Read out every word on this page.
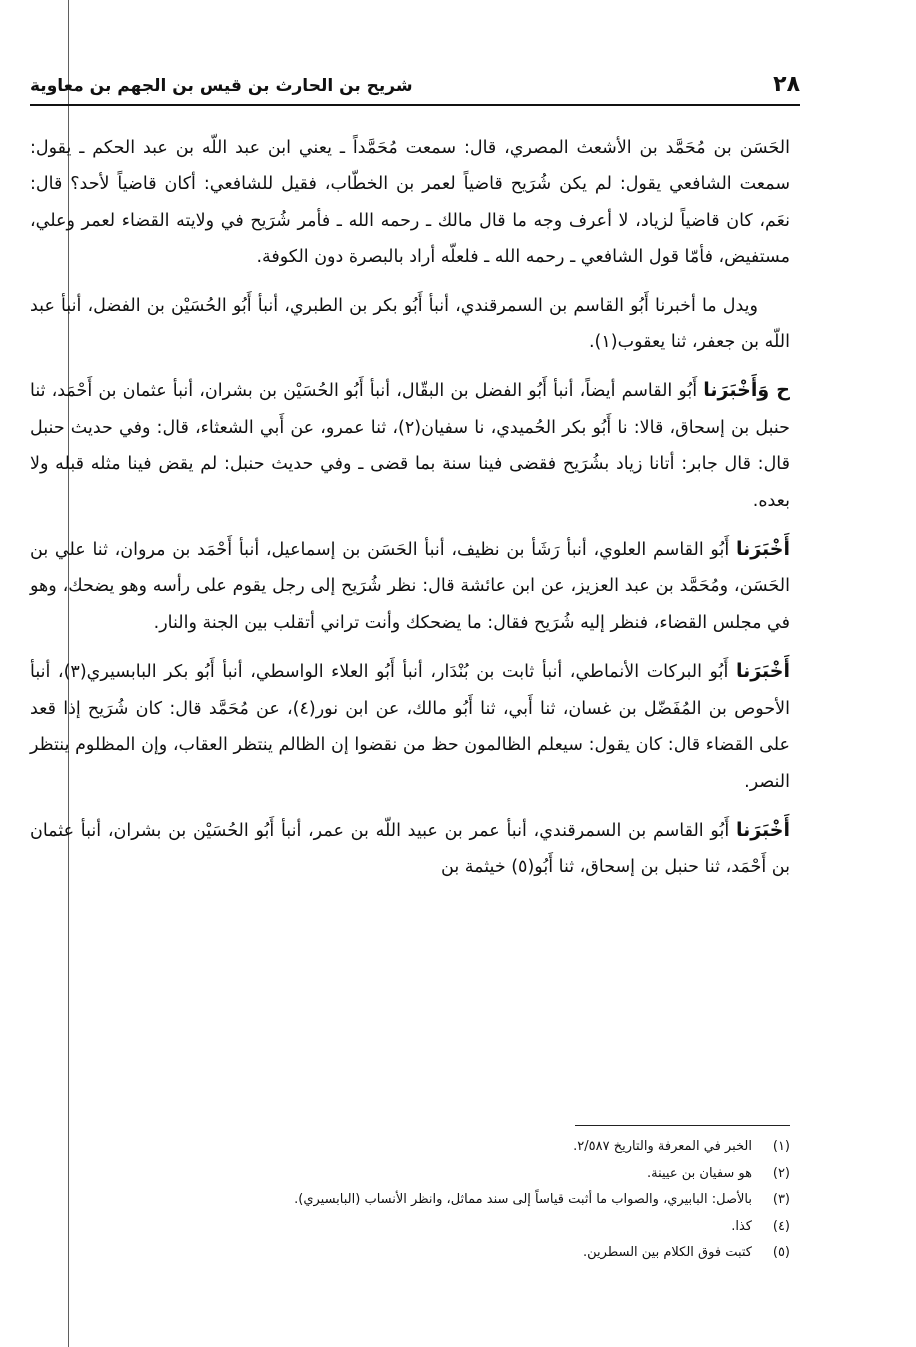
٢٨
شريح بن الحارث بن قيس بن الجهم بن معاوية

الحَسَن بن مُحَمَّد بن الأشعث المصري، قال: سمعت مُحَمَّداً ـ يعني ابن عبد اللّه بن عبد الحكم ـ يقول: سمعت الشافعي يقول: لم يكن شُرَيح قاضياً لعمر بن الخطّاب، فقيل للشافعي: أكان قاضياً لأحد؟ قال: نعَم، كان قاضياً لزياد، لا أعرف وجه ما قال مالك ـ رحمه الله ـ فأمر شُرَيح في ولايته القضاء لعمر وعلي، مستفيض، فأمّا قول الشافعي ـ رحمه الله ـ فلعلّه أراد بالبصرة دون الكوفة.

ويدل ما أخبرنا أَبُو القاسم بن السمرقندي، أنبأ أَبُو بكر بن الطبري، أنبأ أَبُو الحُسَيْن بن الفضل، أنبأ عبد اللّه بن جعفر، ثنا يعقوب(١).

ح وَأَخْبَرَنا أَبُو القاسم أيضاً، أنبأ أَبُو الفضل بن البقّال، أنبأ أَبُو الحُسَيْن بن بشران، أنبأ عثمان بن أَحْمَد، ثنا حنبل بن إسحاق، قالا: نا أَبُو بكر الحُميدي، نا سفيان(٢)، ثنا عمرو، عن أَبي الشعثاء، قال: وفي حديث حنبل قال: قال جابر: أتانا زياد بشُرَيح فقضى فينا سنة بما قضى ـ وفي حديث حنبل: لم يقض فينا مثله قبله ولا بعده.

أَخْبَرَنا أَبُو القاسم العلوي، أنبأ رَشَأ بن نظيف، أنبأ الحَسَن بن إسماعيل، أنبأ أَحْمَد بن مروان، ثنا علي بن الحَسَن، ومُحَمَّد بن عبد العزيز، عن ابن عائشة قال: نظر شُرَيح إلى رجل يقوم على رأسه وهو يضحك، وهو في مجلس القضاء، فنظر إليه شُرَيح فقال: ما يضحكك وأنت تراني أتقلب بين الجنة والنار.

أَخْبَرَنا أَبُو البركات الأنماطي، أنبأ ثابت بن بُنْدَار، أنبأ أَبُو العلاء الواسطي، أنبأ أَبُو بكر البابسيري(٣)، أنبأ الأحوص بن المُفَضّل بن غسان، ثنا أَبي، ثنا أَبُو مالك، عن ابن نور(٤)، عن مُحَمَّد قال: كان شُرَيح إذا قعد على القضاء قال: كان يقول: سيعلم الظالمون حظ من نقضوا إن الظالم ينتظر العقاب، وإن المظلوم ينتظر النصر.

أَخْبَرَنا أَبُو القاسم بن السمرقندي، أنبأ عمر بن عبيد اللّه بن عمر، أنبأ أَبُو الحُسَيْن بن بشران، أنبأ عثمان بن أَحْمَد، ثنا حنبل بن إسحاق، ثنا أَبُو(٥) خيثمة بن

(١)
الخبر في المعرفة والتاريخ ٢/٥٨٧.
(٢)
هو سفيان بن عيينة.
(٣)
بالأصل: البابيري، والصواب ما أثبت قياساً إلى سند مماثل، وانظر الأنساب (البابسيري).
(٤)
كذا.
(٥)
كتبت فوق الكلام بين السطرين.
